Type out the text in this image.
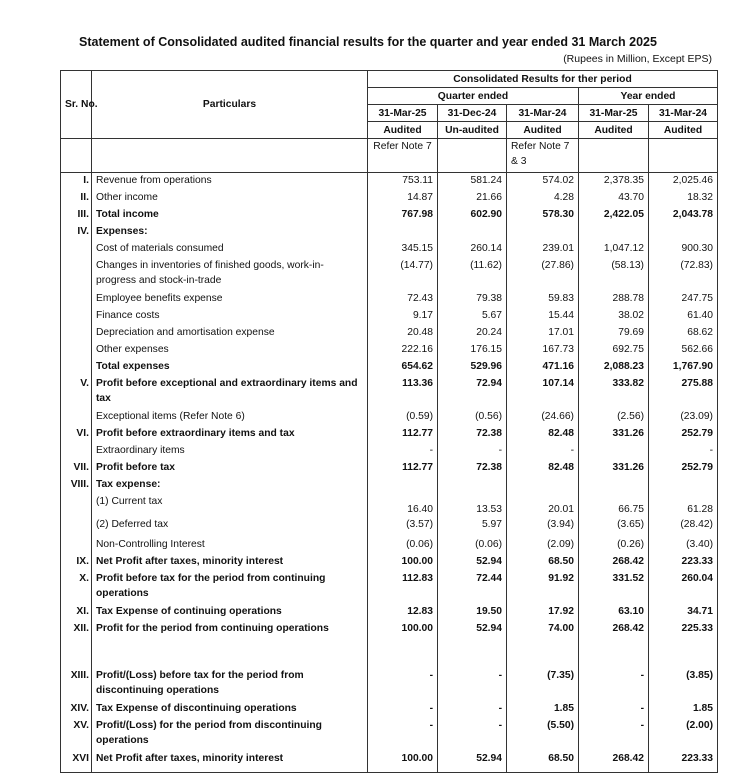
Statement of Consolidated audited financial results for the quarter and year ended 31 March 2025
(Rupees in Million, Except EPS)
Sr. No.	Particulars	Consolidated Results for ther period				
		Quarter ended			Year ended	
		31-Mar-25	31-Dec-24	31-Mar-24	31-Mar-25	31-Mar-24
		Audited	Un-audited	Audited	Audited	Audited
		Refer Note 7		Refer Note 7 & 3		
I.	Revenue from operations	753.11	581.24	574.02	2,378.35	2,025.46
II.	Other income	14.87	21.66	4.28	43.70	18.32
III.	Total income	767.98	602.90	578.30	2,422.05	2,043.78
IV.	Expenses:					
	Cost of materials consumed	345.15	260.14	239.01	1,047.12	900.30
	Changes in inventories of finished goods, work-in-progress and stock-in-trade	(14.77)	(11.62)	(27.86)	(58.13)	(72.83)
	Employee benefits expense	72.43	79.38	59.83	288.78	247.75
	Finance costs	9.17	5.67	15.44	38.02	61.40
	Depreciation and amortisation expense	20.48	20.24	17.01	79.69	68.62
	Other expenses	222.16	176.15	167.73	692.75	562.66
	Total expenses	654.62	529.96	471.16	2,088.23	1,767.90
V.	Profit before exceptional and extraordinary items and tax	113.36	72.94	107.14	333.82	275.88
	Exceptional items (Refer Note 6)	(0.59)	(0.56)	(24.66)	(2.56)	(23.09)
VI.	Profit before extraordinary items and tax	112.77	72.38	82.48	331.26	252.79
	Extraordinary items	-	-	-		-
VII.	Profit before tax	112.77	72.38	82.48	331.26	252.79
VIII.	Tax expense:					
	(1) Current tax	16.40	13.53	20.01	66.75	61.28
	(2) Deferred tax	(3.57)	5.97	(3.94)	(3.65)	(28.42)
	Non-Controlling Interest	(0.06)	(0.06)	(2.09)	(0.26)	(3.40)
IX.	Net Profit after taxes, minority interest	100.00	52.94	68.50	268.42	223.33
X.	Profit before tax for the period from continuing operations	112.83	72.44	91.92	331.52	260.04
XI.	Tax Expense of continuing operations	12.83	19.50	17.92	63.10	34.71
XII.	Profit for the period from continuing operations	100.00	52.94	74.00	268.42	225.33

XIII.	Profit/(Loss) before tax for the period from discontinuing operations	-	-	(7.35)	-	(3.85)
XIV.	Tax Expense of discontinuing operations	-	-	1.85	-	1.85
XV.	Profit/(Loss) for the period from discontinuing operations	-	-	(5.50)	-	(2.00)
XVI	Net Profit after taxes, minority interest	100.00	52.94	68.50	268.42	223.33
